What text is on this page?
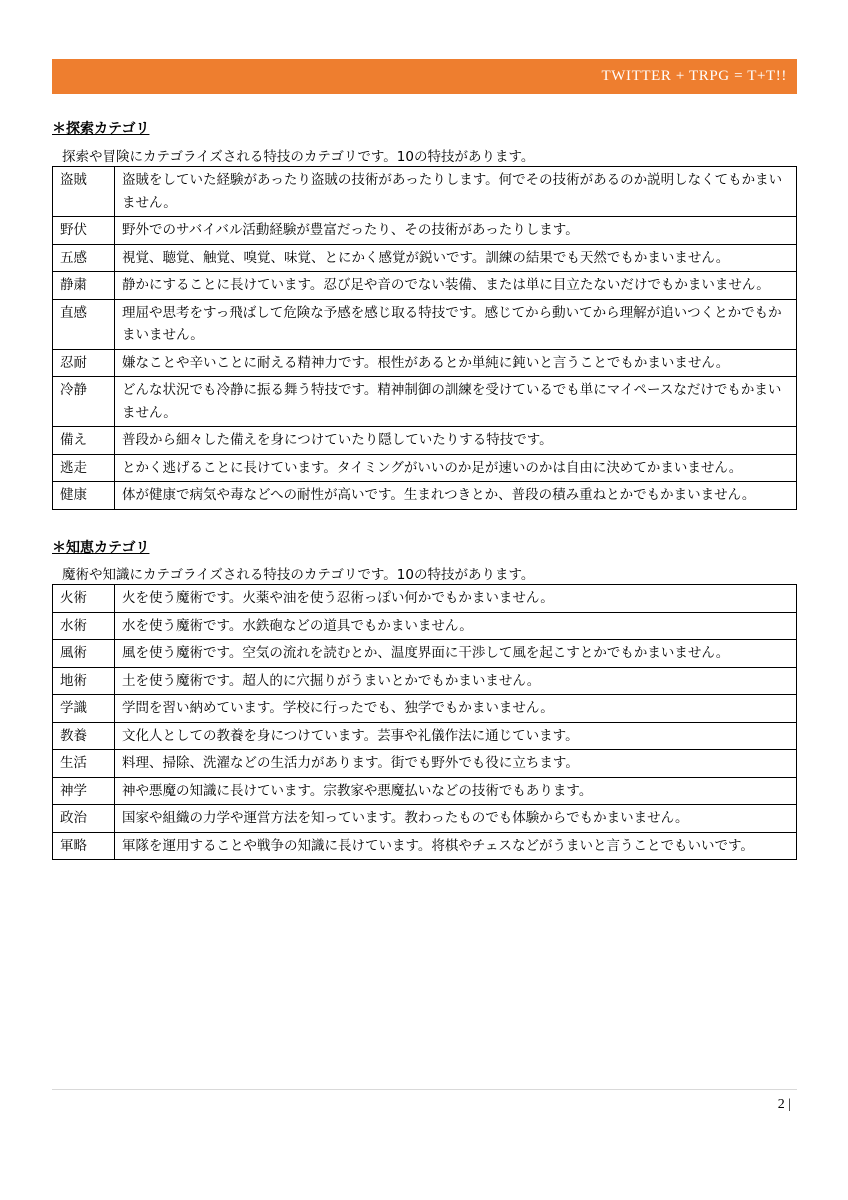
TWITTER + TRPG = T+T!!
＊探索カテゴリ
探索や冒険にカテゴライズされる特技のカテゴリです。10の特技があります。
盗賊	盗賊をしていた経験があったり盗賊の技術があったりします。何でその技術があるのか説明しなくてもかまいません。
野伏	野外でのサバイバル活動経験が豊富だったり、その技術があったりします。
五感	視覚、聴覚、触覚、嗅覚、味覚、とにかく感覚が鋭いです。訓練の結果でも天然でもかまいません。
静粛	静かにすることに長けています。忍び足や音のでない装備、または単に目立たないだけでもかまいません。
直感	理屈や思考をすっ飛ばして危険な予感を感じ取る特技です。感じてから動いてから理解が追いつくとかでもかまいません。
忍耐	嫌なことや辛いことに耐える精神力です。根性があるとか単純に鈍いと言うことでもかまいません。
冷静	どんな状況でも冷静に振る舞う特技です。精神制御の訓練を受けているでも単にマイペースなだけでもかまいません。
備え	普段から細々した備えを身につけていたり隠していたりする特技です。
逃走	とかく逃げることに長けています。タイミングがいいのか足が速いのかは自由に決めてかまいません。
健康	体が健康で病気や毒などへの耐性が高いです。生まれつきとか、普段の積み重ねとかでもかまいません。
＊知恵カテゴリ
魔術や知識にカテゴライズされる特技のカテゴリです。10の特技があります。
火術	火を使う魔術です。火薬や油を使う忍術っぽい何かでもかまいません。
水術	水を使う魔術です。水鉄砲などの道具でもかまいません。
風術	風を使う魔術です。空気の流れを読むとか、温度界面に干渉して風を起こすとかでもかまいません。
地術	土を使う魔術です。超人的に穴掘りがうまいとかでもかまいません。
学識	学問を習い納めています。学校に行ったでも、独学でもかまいません。
教養	文化人としての教養を身につけています。芸事や礼儀作法に通じています。
生活	料理、掃除、洗濯などの生活力があります。街でも野外でも役に立ちます。
神学	神や悪魔の知識に長けています。宗教家や悪魔払いなどの技術でもあります。
政治	国家や組織の力学や運営方法を知っています。教わったものでも体験からでもかまいません。
軍略	軍隊を運用することや戦争の知識に長けています。将棋やチェスなどがうまいと言うことでもいいです。
2 |
